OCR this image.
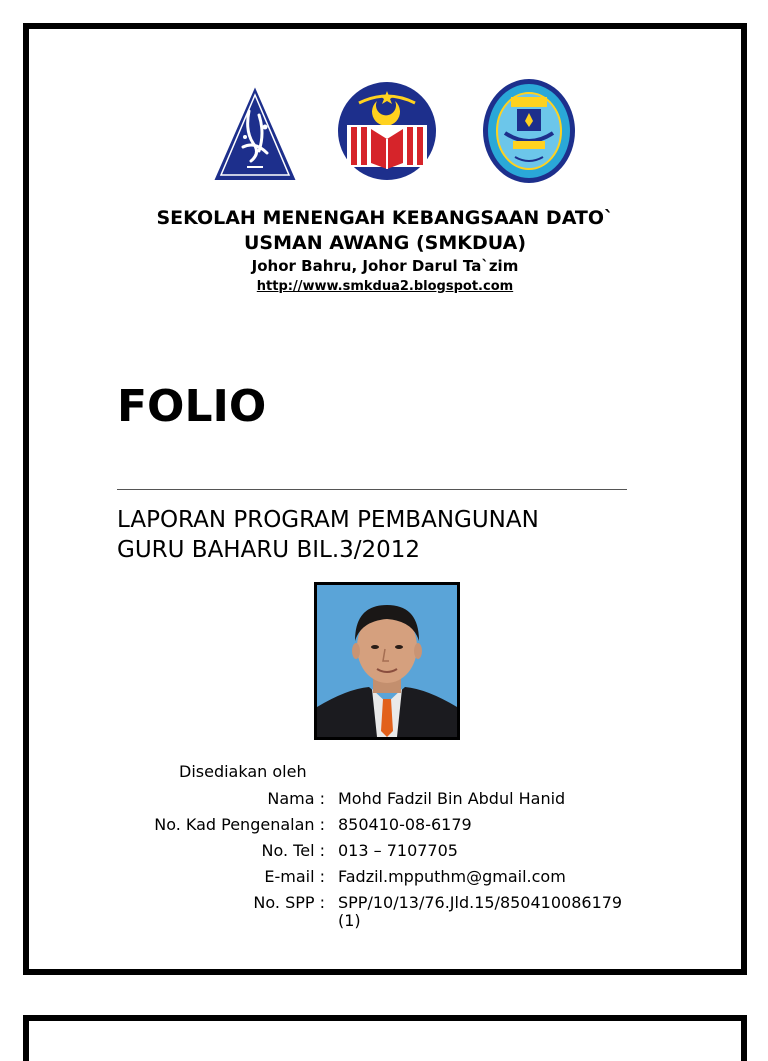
SEKOLAH MENENGAH KEBANGSAAN DATO`
USMAN AWANG (SMKDUA)
Johor Bahru, Johor Darul Ta`zim
http://www.smkdua2.blogspot.com
FOLIO
LAPORAN PROGRAM PEMBANGUNAN
GURU BAHARU BIL.3/2012
Disediakan oleh
Nama : Mohd Fadzil Bin Abdul Hanid
No. Kad Pengenalan : 850410-08-6179
No. Tel : 013 – 7107705
E-mail : Fadzil.mpputhm@gmail.com
No. SPP : SPP/10/13/76.Jld.15/850410086179
(1)
